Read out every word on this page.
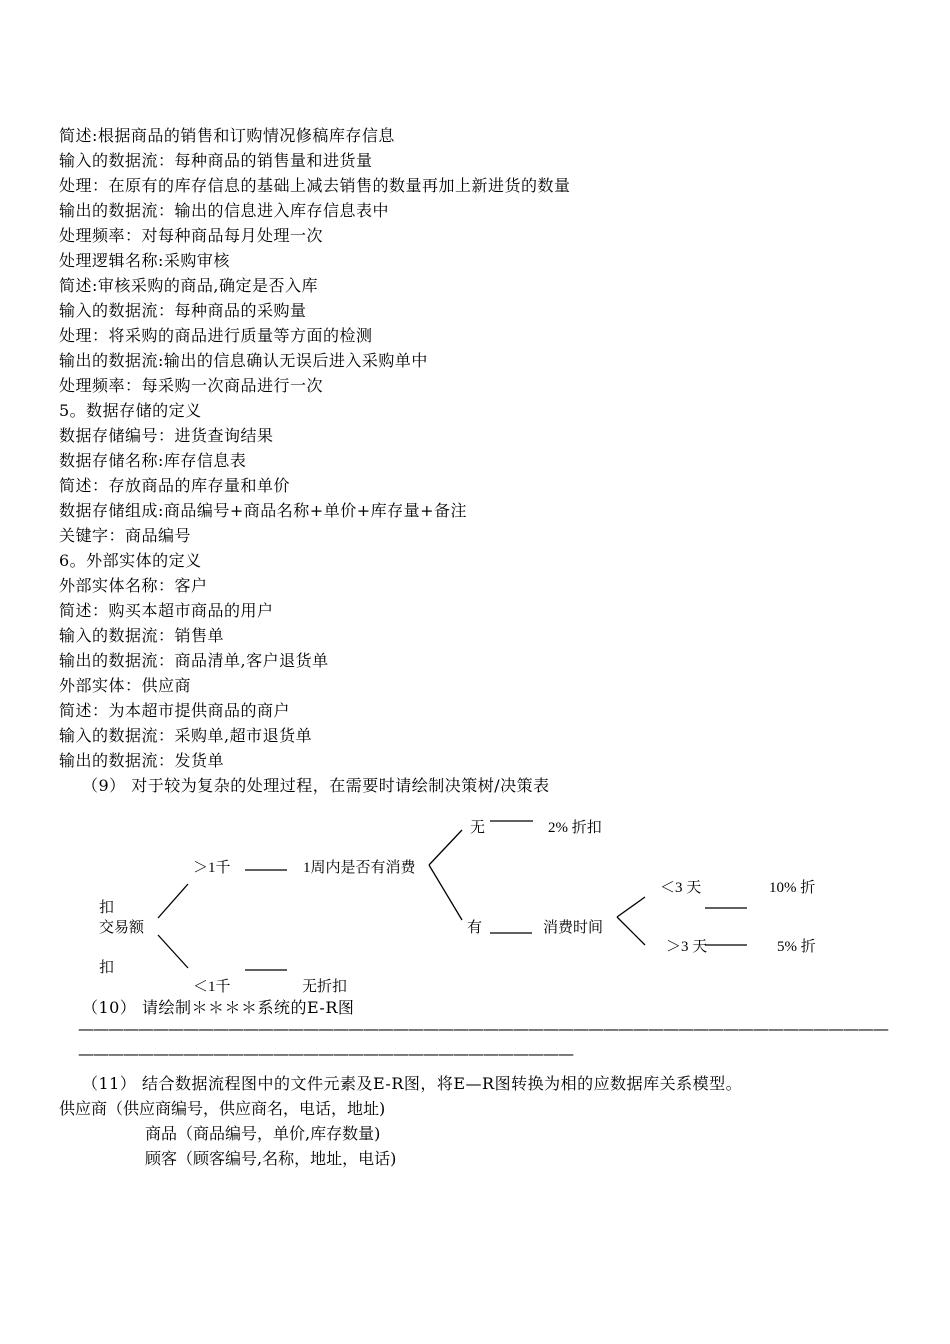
简述:根据商品的销售和订购情况修稿库存信息
输入的数据流：每种商品的销售量和进货量
处理：在原有的库存信息的基础上减去销售的数量再加上新进货的数量
输出的数据流：输出的信息进入库存信息表中
处理频率：对每种商品每月处理一次
处理逻辑名称:采购审核
简述:审核采购的商品,确定是否入库
输入的数据流：每种商品的采购量
处理：将采购的商品进行质量等方面的检测
输出的数据流:输出的信息确认无误后进入采购单中
处理频率：每采购一次商品进行一次
5。数据存储的定义
数据存储编号：进货查询结果
数据存储名称:库存信息表
简述：存放商品的库存量和单价
数据存储组成:商品编号+商品名称+单价+库存量+备注
关键字：商品编号
6。外部实体的定义
外部实体名称：客户
简述：购买本超市商品的用户
输入的数据流：销售单
输出的数据流：商品清单,客户退货单
外部实体：供应商
简述：为本超市提供商品的商户
输入的数据流：采购单,超市退货单
输出的数据流：发货单
（9） 对于较为复杂的处理过程，在需要时请绘制决策树/决策表
扣
交易额
扣
＞1千
＜1千
1周内是否有消费
无折扣
无	2% 折扣
有	消费时间
＜3 天	10% 折
＞3 天	5% 折
（10） 请绘制＊＊＊＊系统的E-R图
——————————————————————————————————————————————————————
—————————————————————————————————
（11） 结合数据流程图中的文件元素及E-R图，将E—R图转换为相的应数据库关系模型。
供应商（供应商编号，供应商名，电话，地址)
商品（商品编号，单价,库存数量)
顾客（顾客编号,名称，地址，电话)
